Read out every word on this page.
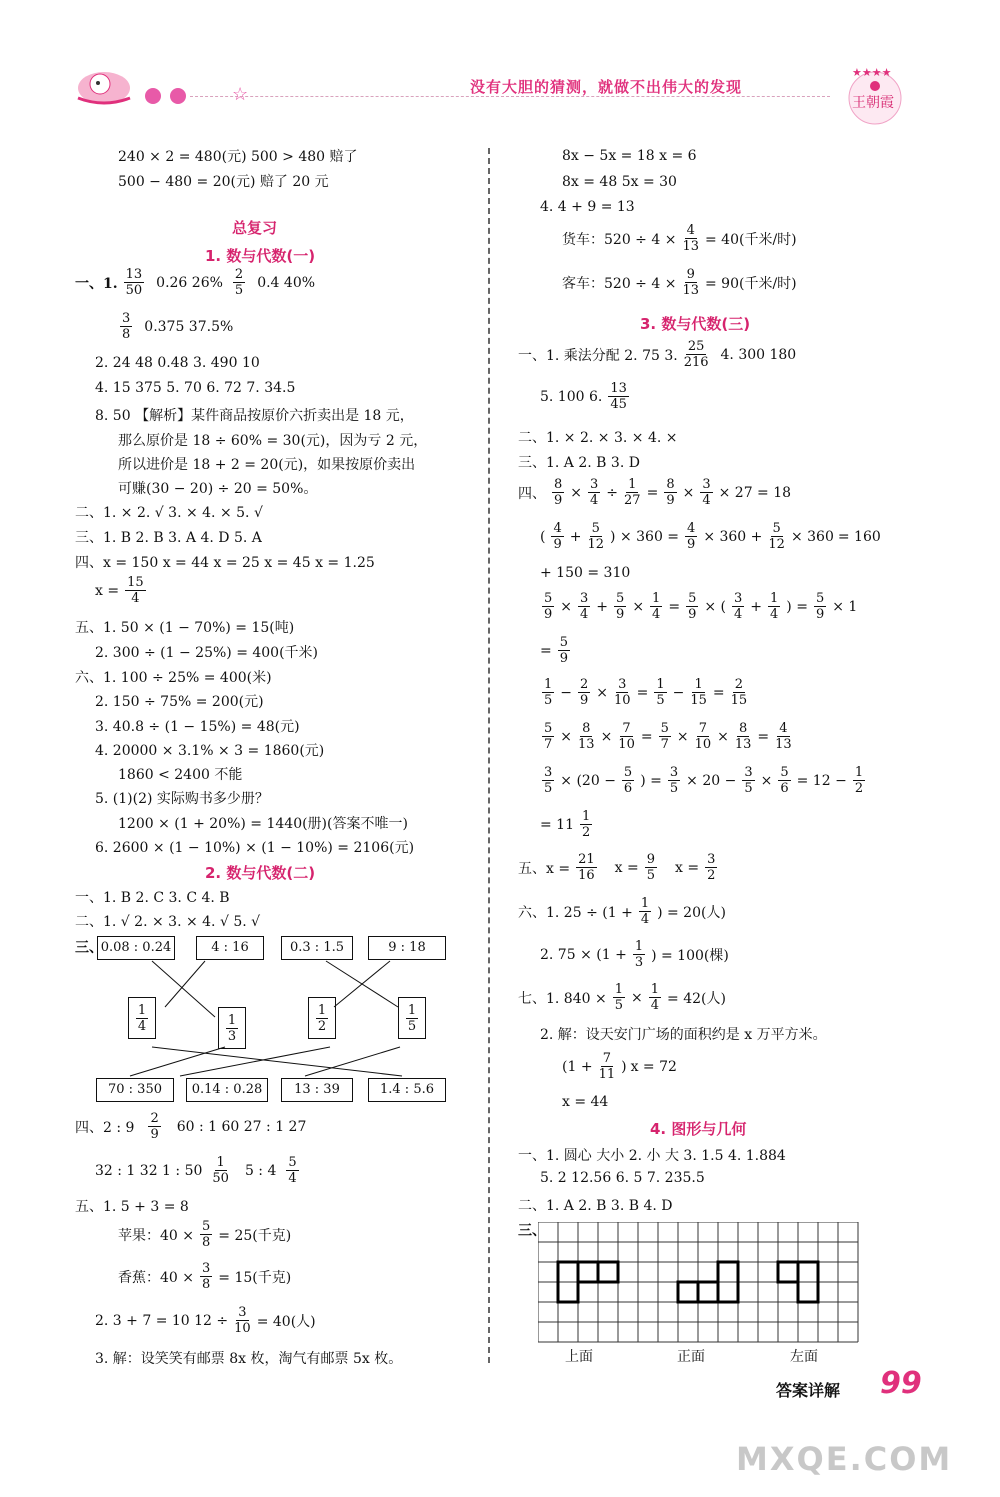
☆	没有大胆的猜测，就做不出伟大的发现
★★★★
王朝霞
240 × 2 = 480(元) 500 > 480 赔了
500 − 480 = 20(元) 赔了 20 元
总复习
1. 数与代数(一)
一、1. $\frac{13}{50} 0.26$ $26\% \frac{2}{5} 0.4$ 40%
$\frac{3}{8} 0.375$ 37.5%
2. 24 48 0.48 3. 490 10
4. 15 375 5. 70 6. 72 7. 34.5
8. 50 【解析】某件商品按原价六折卖出是 18 元，
那么原价是 18 ÷ 60% = 30(元)，因为亏 2 元，
所以进价是 18 + 2 = 20(元)，如果按原价卖出
可赚(30 − 20) ÷ 20 = 50%。
二、1. × 2. √ 3. × 4. × 5. √
三、1. B 2. B 3. A 4. D 5. A
四、x = 150 x = 44 x = 25 x = 45 x = 1.25
$x = \frac{15}{4}$
五、1. 50 × (1 − 70%) = 15(吨)
2. 300 ÷ (1 − 25%) = 400(千米)
六、1. 100 ÷ 25% = 400(米)
2. 150 ÷ 75% = 200(元)
3. 40.8 ÷ (1 − 15%) = 48(元)
4. 20000 × 3.1% × 3 = 1860(元)
1860 < 2400 不能
5. (1)(2) 实际购书多少册？
1200 × (1 + 20%) = 1440(册)(答案不唯一)
6. 2600 × (1 − 10%) × (1 − 10%) = 2106(元)
2. 数与代数(二)
一、1. B 2. C 3. C 4. B
二、1. √ 2. × 3. × 4. √ 5. √
三、
0.08 : 0.24	4 : 16	0.3 : 1.5	9 : 18
$\frac{1}{4}$	$\frac{1}{3}$	$\frac{1}{2}$	$\frac{1}{5}$
70 : 350	0.14 : 0.28	13 : 39	1.4 : 5.6
四、2 : $9 \frac{2}{9} 60$ : 1 60 27 : 1 27
32 : 1 32 1 : $50 \frac{1}{50} 5$ : $4 \frac{5}{4}$
五、1. 5 + 3 = 8
苹果：$40 \times \frac{5}{8} = 25$(千克)
香蕉：$40 \times \frac{3}{8} = 15$(千克)
2. 3 + 7 = 10 $12 \div \frac{3}{10} = 40$(人)
3. 解：设笑笑有邮票 8x 枚，淘气有邮票 5x 枚。
8x − 5x = 18 x = 6
8x = 48 5x = 30
4. 4 + 9 = 13
货车：$520 \div 4 \times \frac{4}{13} = 40$(千米/时)
客车：$520 \div 4 \times \frac{9}{13} = 90$(千米/时)
3. 数与代数(三)
一、1. 乘法分配 2. 75 3. $\frac{25}{216} 4$. 300 180
5. 100 6. $\frac{13}{45}$
二、1. × 2. × 3. × 4. ×
三、1. A 2. B 3. D
四、 $\frac{8}{9} \times \frac{3}{4} \div \frac{1}{27} = \frac{8}{9} \times \frac{3}{4} \times 27 = 18$
( $\frac{4}{9} + \frac{5}{12}$ ) × $360 = \frac{4}{9} \times 360 + \frac{5}{12} \times 360 = 160$
+ 150 = 310
$\frac{5}{9} \times \frac{3}{4} + \frac{5}{9} \times \frac{1}{4} = \frac{5}{9}$ × ( $\frac{3}{4} + \frac{1}{4}$ ) = $\frac{5}{9} \times 1$
= $\frac{5}{9}$
$\frac{1}{5} - \frac{2}{9} \times \frac{3}{10} = \frac{1}{5} - \frac{1}{15} = \frac{2}{15}$
$\frac{5}{7} \times \frac{8}{13} \times \frac{7}{10} = \frac{5}{7} \times \frac{7}{10} \times \frac{8}{13} = \frac{4}{13}$
$\frac{3}{5} \times (20 - \frac{5}{6}$ ) = $\frac{3}{5} \times 20 - \frac{3}{5} \times \frac{5}{6} = 12 - \frac{1}{2}$
= $11 \frac{1}{2}$
五、$x = \frac{21}{16}$ $x = \frac{9}{5}$ $x = \frac{3}{2}$
六、1. $25 \div (1 + \frac{1}{4}$ ) = 20(人)
2. $75 \times (1 + \frac{1}{3}$ ) = 100(棵)
七、1. $840 \times \frac{1}{5} \times \frac{1}{4} = 42$(人)
2. 解：设天安门广场的面积约是 x 万平方米。
($1 + \frac{7}{11}$ ) x = 72
x = 44
4. 图形与几何
一、1. 圆心 大小 2. 小 大 3. 1.5 4. 1.884
5. 2 12.56 6. 5 7. 235.5
二、1. A 2. B 3. B 4. D
三、
上面	正面	左面
答案详解 99
MXQE.COM
